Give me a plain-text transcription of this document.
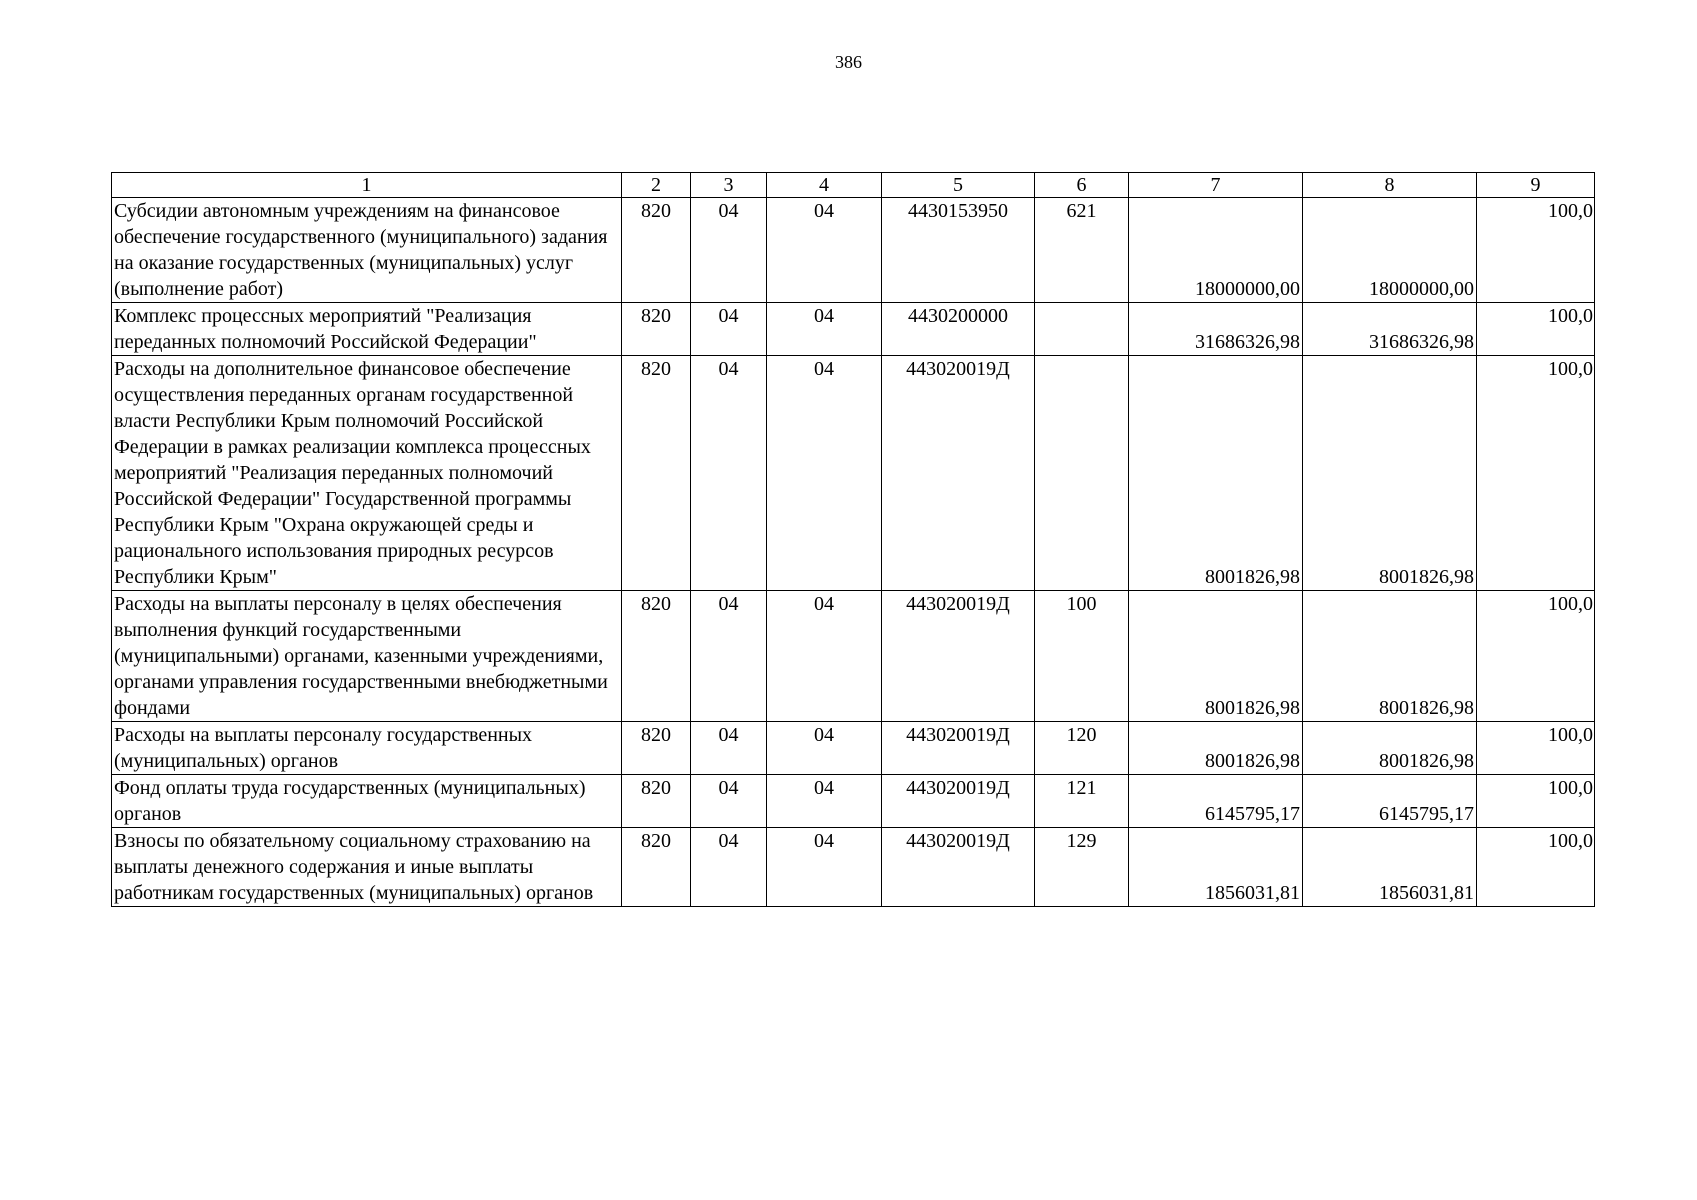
386
1	2	3	4	5	6	7	8	9
Субсидии автономным учреждениям на финансовое обеспечение государственного (муниципального) задания на оказание государственных (муниципальных) услуг (выполнение работ)	820	04	04	4430153950	621	18000000,00	18000000,00	100,0
Комплекс процессных мероприятий "Реализация переданных полномочий Российской Федерации"	820	04	04	4430200000		31686326,98	31686326,98	100,0
Расходы на дополнительное финансовое обеспечение осуществления переданных органам государственной власти Республики Крым полномочий Российской Федерации в рамках реализации комплекса процессных мероприятий "Реализация переданных полномочий Российской Федерации" Государственной программы Республики Крым "Охрана окружающей среды и рационального использования природных ресурсов Республики Крым"	820	04	04	443020019Д		8001826,98	8001826,98	100,0
Расходы на выплаты персоналу в целях обеспечения выполнения функций государственными (муниципальными) органами, казенными учреждениями, органами управления государственными внебюджетными фондами	820	04	04	443020019Д	100	8001826,98	8001826,98	100,0
Расходы на выплаты персоналу государственных (муниципальных) органов	820	04	04	443020019Д	120	8001826,98	8001826,98	100,0
Фонд оплаты труда государственных (муниципальных) органов	820	04	04	443020019Д	121	6145795,17	6145795,17	100,0
Взносы по обязательному социальному страхованию на выплаты денежного содержания и иные выплаты работникам государственных (муниципальных) органов	820	04	04	443020019Д	129	1856031,81	1856031,81	100,0
